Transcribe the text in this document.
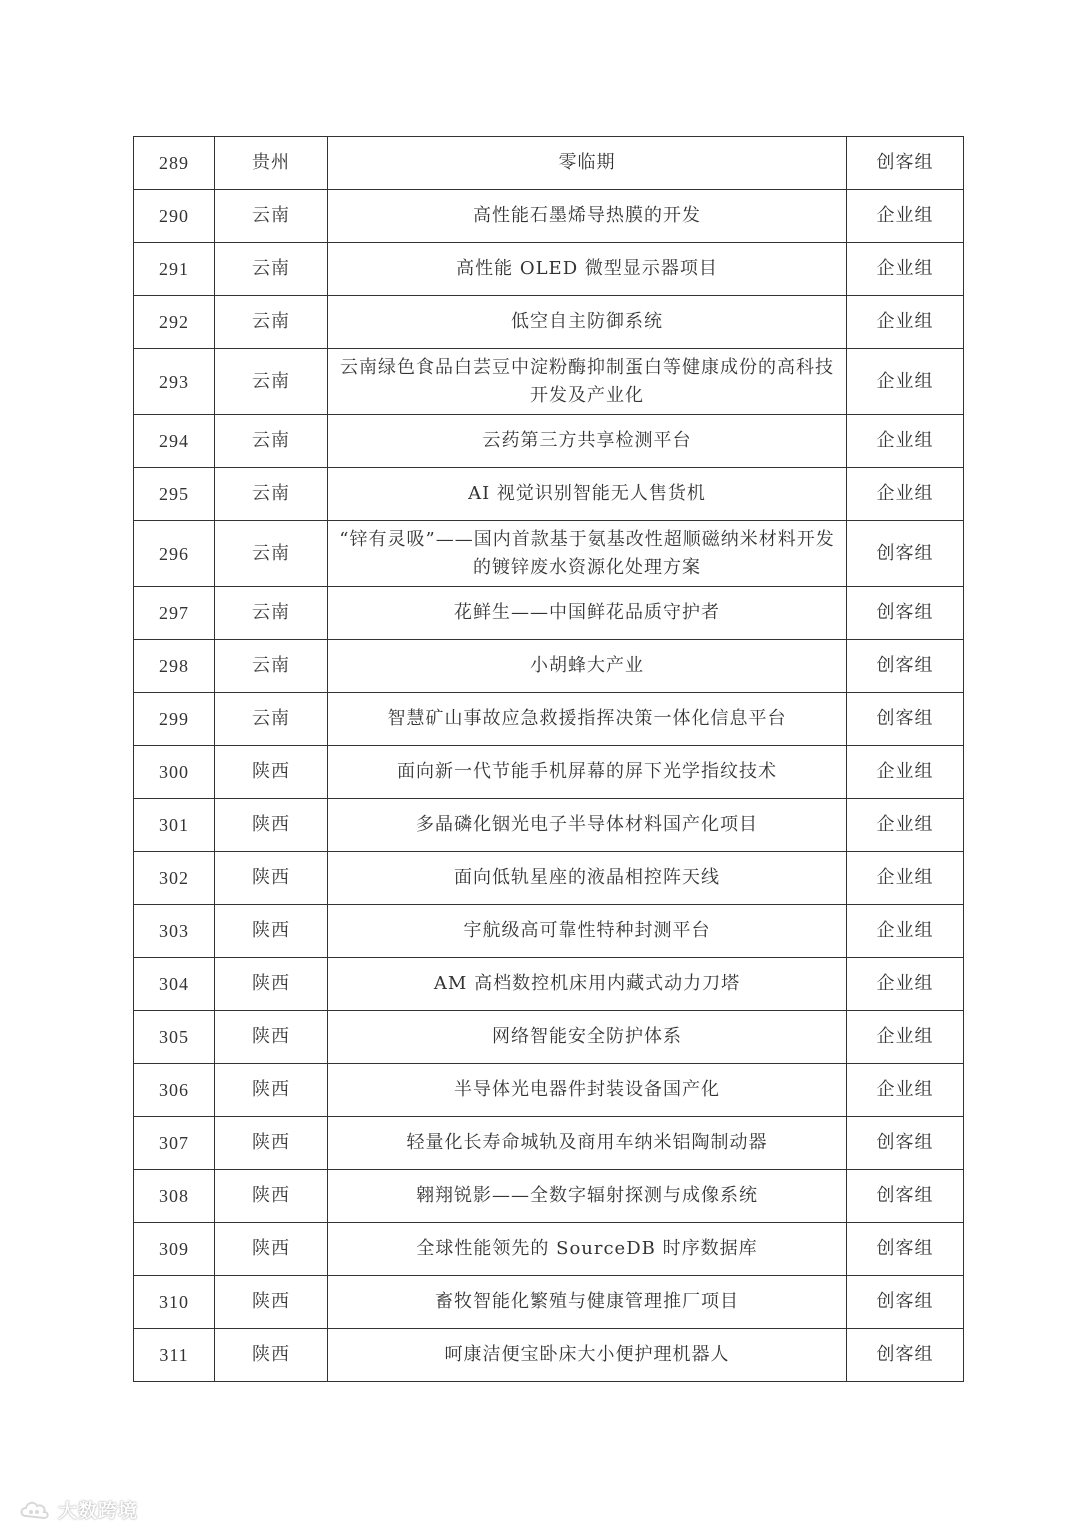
289	贵州	零临期	创客组
290	云南	高性能石墨烯导热膜的开发	企业组
291	云南	高性能 OLED 微型显示器项目	企业组
292	云南	低空自主防御系统	企业组
293	云南	云南绿色食品白芸豆中淀粉酶抑制蛋白等健康成份的高科技开发及产业化	企业组
294	云南	云药第三方共享检测平台	企业组
295	云南	AI 视觉识别智能无人售货机	企业组
296	云南	“锌有灵吸”——国内首款基于氨基改性超顺磁纳米材料开发的镀锌废水资源化处理方案	创客组
297	云南	花鲜生——中国鲜花品质守护者	创客组
298	云南	小胡蜂大产业	创客组
299	云南	智慧矿山事故应急救援指挥决策一体化信息平台	创客组
300	陕西	面向新一代节能手机屏幕的屏下光学指纹技术	企业组
301	陕西	多晶磷化铟光电子半导体材料国产化项目	企业组
302	陕西	面向低轨星座的液晶相控阵天线	企业组
303	陕西	宇航级高可靠性特种封测平台	企业组
304	陕西	AM 高档数控机床用内藏式动力刀塔	企业组
305	陕西	网络智能安全防护体系	企业组
306	陕西	半导体光电器件封装设备国产化	企业组
307	陕西	轻量化长寿命城轨及商用车纳米铝陶制动器	创客组
308	陕西	翱翔锐影——全数字辐射探测与成像系统	创客组
309	陕西	全球性能领先的 SourceDB 时序数据库	创客组
310	陕西	畜牧智能化繁殖与健康管理推厂项目	创客组
311	陕西	呵康洁便宝卧床大小便护理机器人	创客组
大数跨境
